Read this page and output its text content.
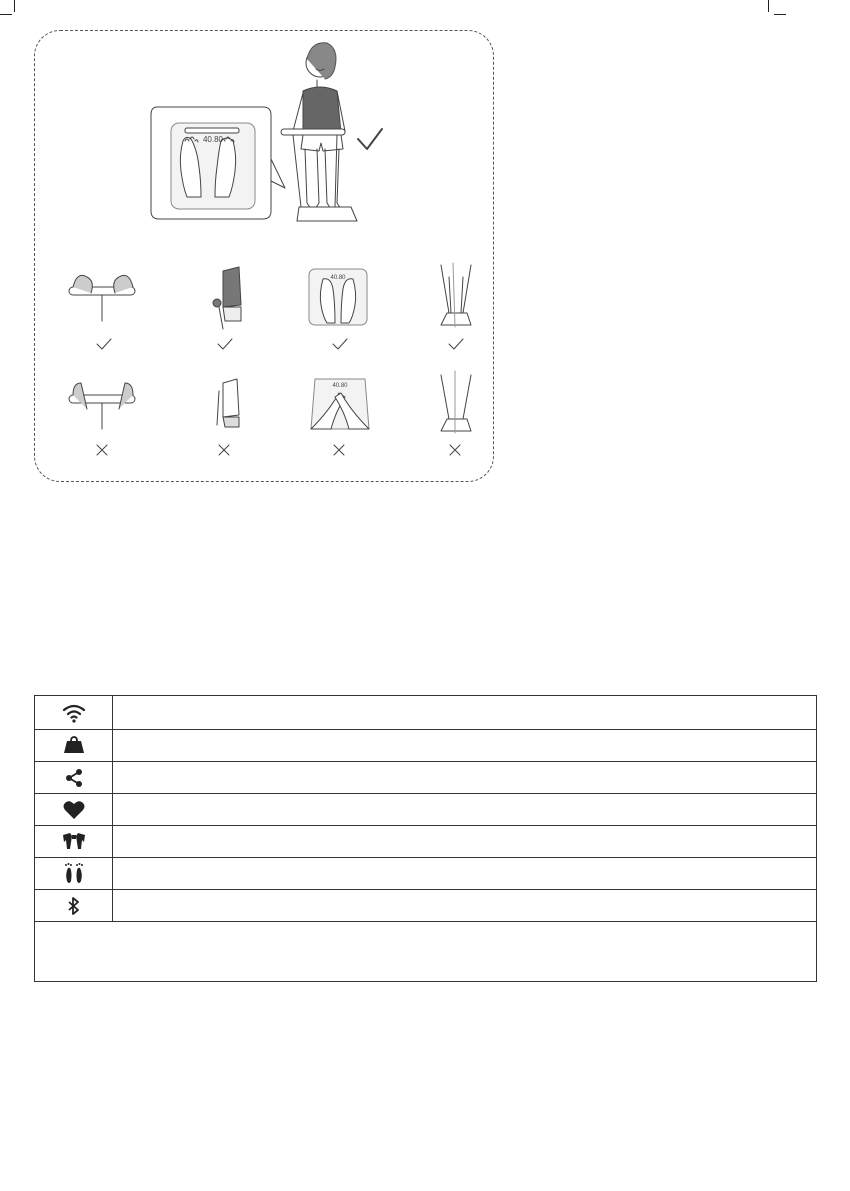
40.80
40.80
40.80
